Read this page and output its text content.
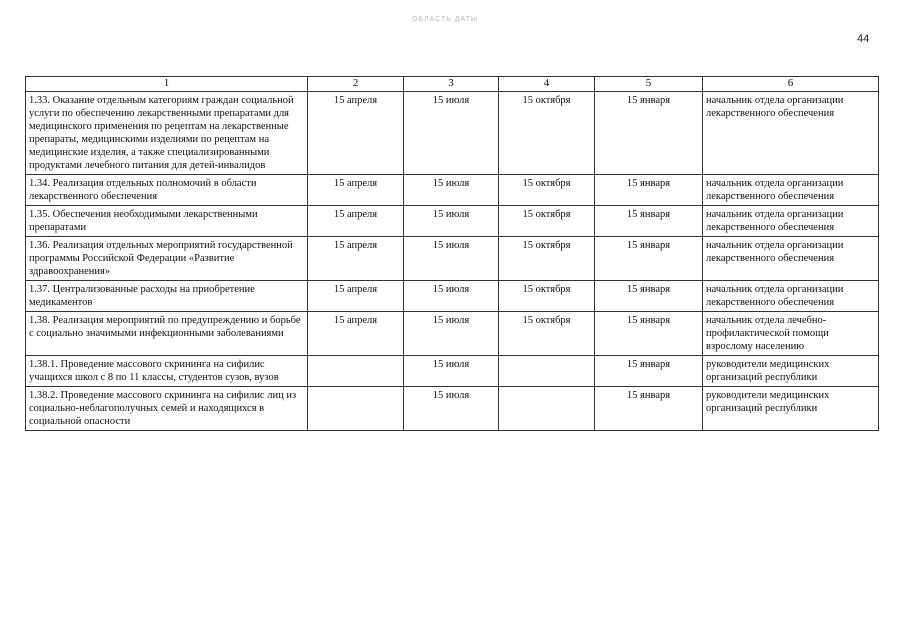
ОБЛАСТЬ ДАТЫ
44
1	2	3	4	5	6
1.33. Оказание отдельным категориям граждан социальной услуги по обеспечению лекарственными препаратами для медицинского применения по рецептам на лекарственные препараты, медицинскими изделиями по рецептам на медицинские изделия, а также специализированными продуктами лечебного питания для детей-инвалидов	15 апреля	15 июля	15 октября	15 января	начальник отдела организации лекарственного обеспечения
1.34. Реализация отдельных полномочий в области лекарственного обеспечения	15 апреля	15 июля	15 октября	15 января	начальник отдела организации лекарственного обеспечения
1.35. Обеспечения необходимыми лекарственными препаратами	15 апреля	15 июля	15 октября	15 января	начальник отдела организации лекарственного обеспечения
1.36. Реализация отдельных мероприятий государственной программы Российской Федерации «Развитие здравоохранения»	15 апреля	15 июля	15 октября	15 января	начальник отдела организации лекарственного обеспечения
1.37. Централизованные расходы на приобретение медикаментов	15 апреля	15 июля	15 октября	15 января	начальник отдела организации лекарственного обеспечения
1.38. Реализация мероприятий по предупреждению и борьбе с социально значимыми инфекционными заболеваниями	15 апреля	15 июля	15 октября	15 января	начальник отдела лечебно-профилактической помощи взрослому населению
1.38.1. Проведение массового скрининга на сифилис учащихся школ с 8 по 11 классы, студентов сузов, вузов		15 июля		15 января	руководители медицинских организаций республики
1.38.2. Проведение массового скрининга на сифилис лиц из социально-неблагополучных семей и находящихся в социальной опасности		15 июля		15 января	руководители медицинских организаций республики
